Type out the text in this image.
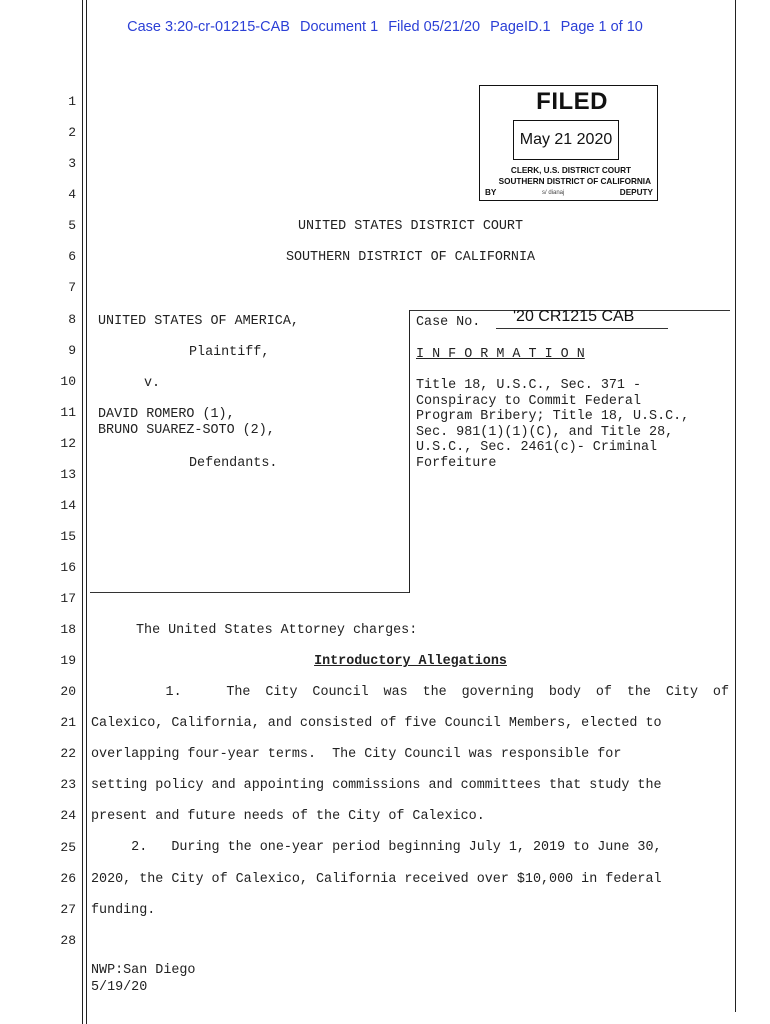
Case 3:20-cr-01215-CAB Document 1 Filed 05/21/20 PageID.1 Page 1 of 10
1
2
3
4
5
6
7
8
9
10
11
12
13
14
15
16
17
18
19
20
21
22
23
24
25
26
27
28
FILED
May 21 2020
CLERK, U.S. DISTRICT COURT
SOUTHERN DISTRICT OF CALIFORNIA
BY	s/ dianaj	DEPUTY
UNITED STATES DISTRICT COURT
SOUTHERN DISTRICT OF CALIFORNIA
UNITED STATES OF AMERICA,
Plaintiff,
v.
DAVID ROMERO (1),
BRUNO SUAREZ-SOTO (2),
Defendants.
Case No. '20 CR1215 CAB
I N F O R M A T I O N
Title 18, U.S.C., Sec. 371 -
Conspiracy to Commit Federal
Program Bribery; Title 18, U.S.C.,
Sec. 981(1)(1)(C), and Title 28,
U.S.C., Sec. 2461(c)- Criminal
Forfeiture
The United States Attorney charges:
Introductory Allegations
1.   The City Council was the governing body of the City of
Calexico, California, and consisted of five Council Members, elected to
overlapping four-year terms.  The City Council was responsible for
setting policy and appointing commissions and committees that study the
present and future needs of the City of Calexico.
2.   During the one-year period beginning July 1, 2019 to June 30,
2020, the City of Calexico, California received over $10,000 in federal
funding.
NWP:San Diego
5/19/20
